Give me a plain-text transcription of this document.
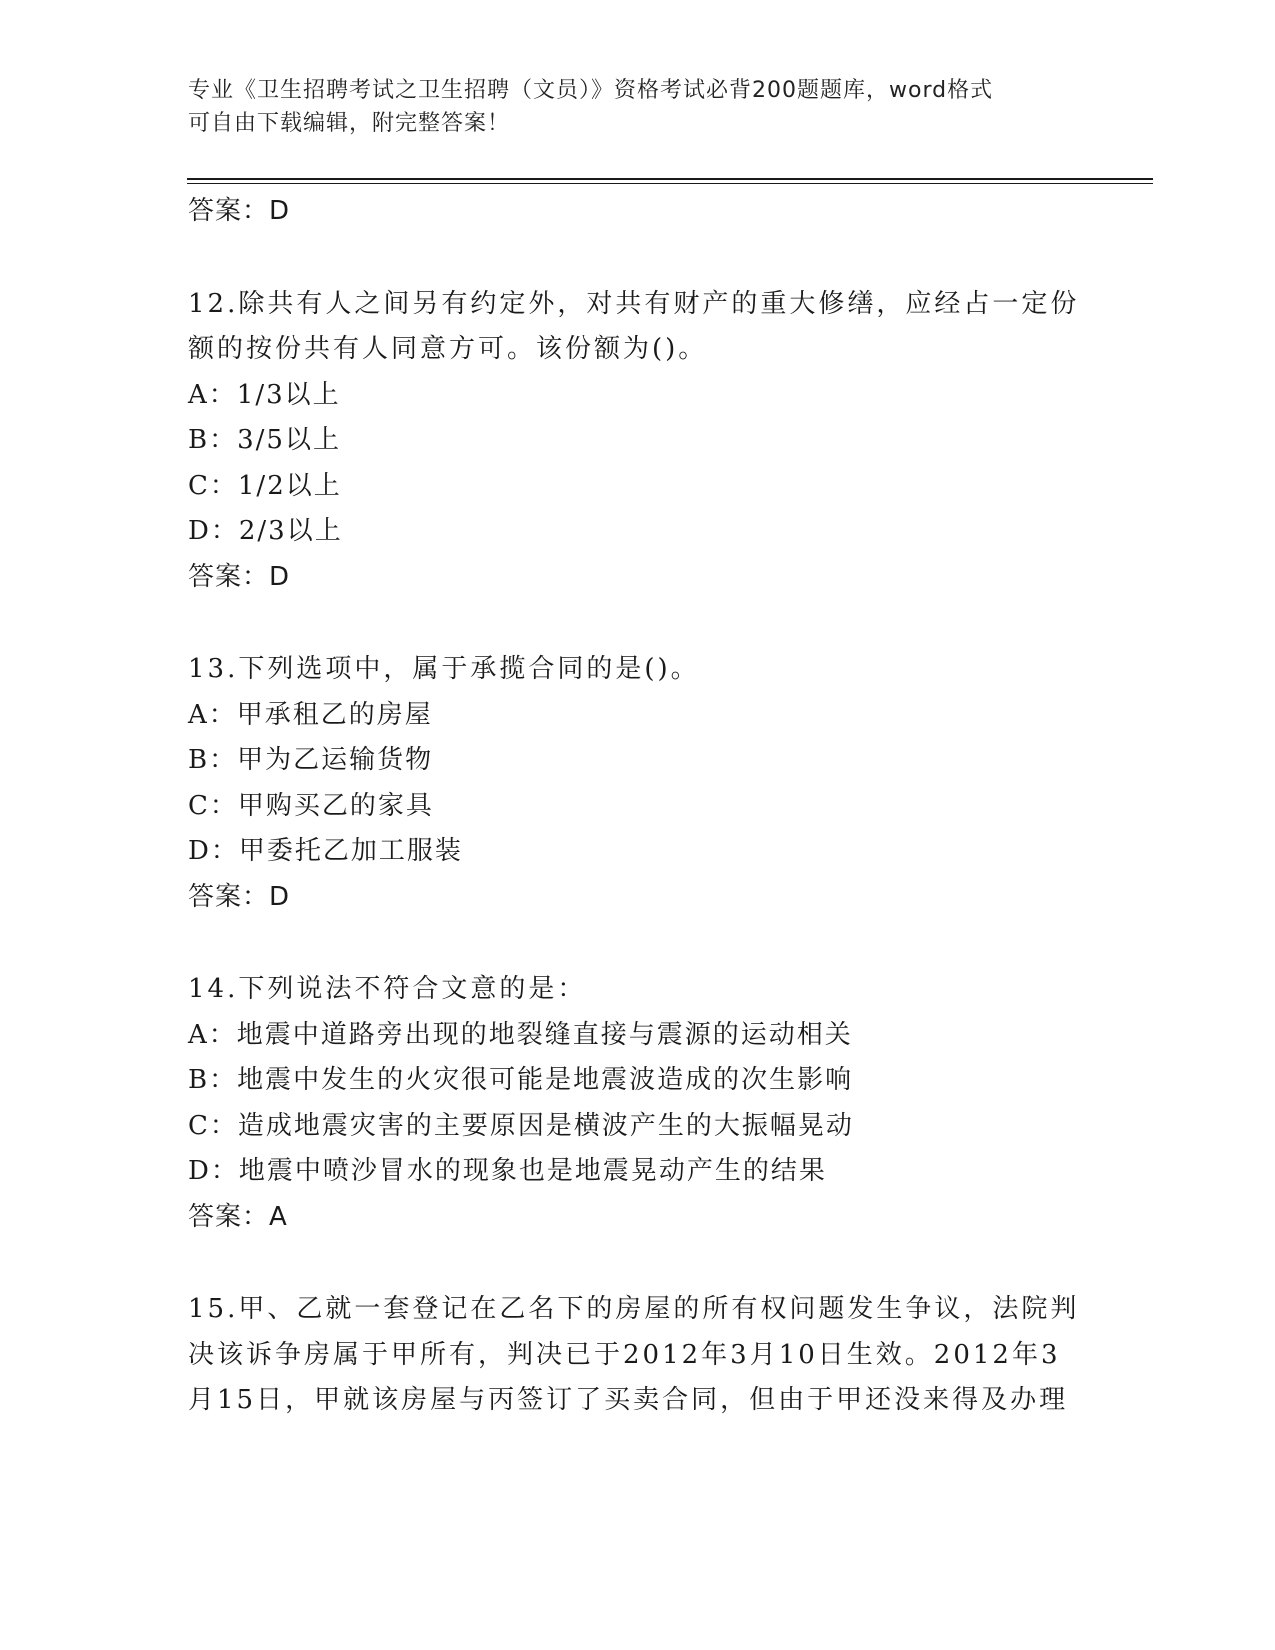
专业《卫生招聘考试之卫生招聘（文员）》资格考试必背200题题库，word格式
可自由下载编辑，附完整答案！
答案：D
12.除共有人之间另有约定外，对共有财产的重大修缮，应经占一定份
额的按份共有人同意方可。该份额为()。
A：1/3以上
B：3/5以上
C：1/2以上
D：2/3以上
答案：D
13.下列选项中，属于承揽合同的是()。
A：甲承租乙的房屋
B：甲为乙运输货物
C：甲购买乙的家具
D：甲委托乙加工服装
答案：D
14.下列说法不符合文意的是：
A：地震中道路旁出现的地裂缝直接与震源的运动相关
B：地震中发生的火灾很可能是地震波造成的次生影响
C：造成地震灾害的主要原因是横波产生的大振幅晃动
D：地震中喷沙冒水的现象也是地震晃动产生的结果
答案：A
15.甲、乙就一套登记在乙名下的房屋的所有权问题发生争议，法院判
决该诉争房属于甲所有，判决已于2012年3月10日生效。2012年3
月15日，甲就该房屋与丙签订了买卖合同，但由于甲还没来得及办理
